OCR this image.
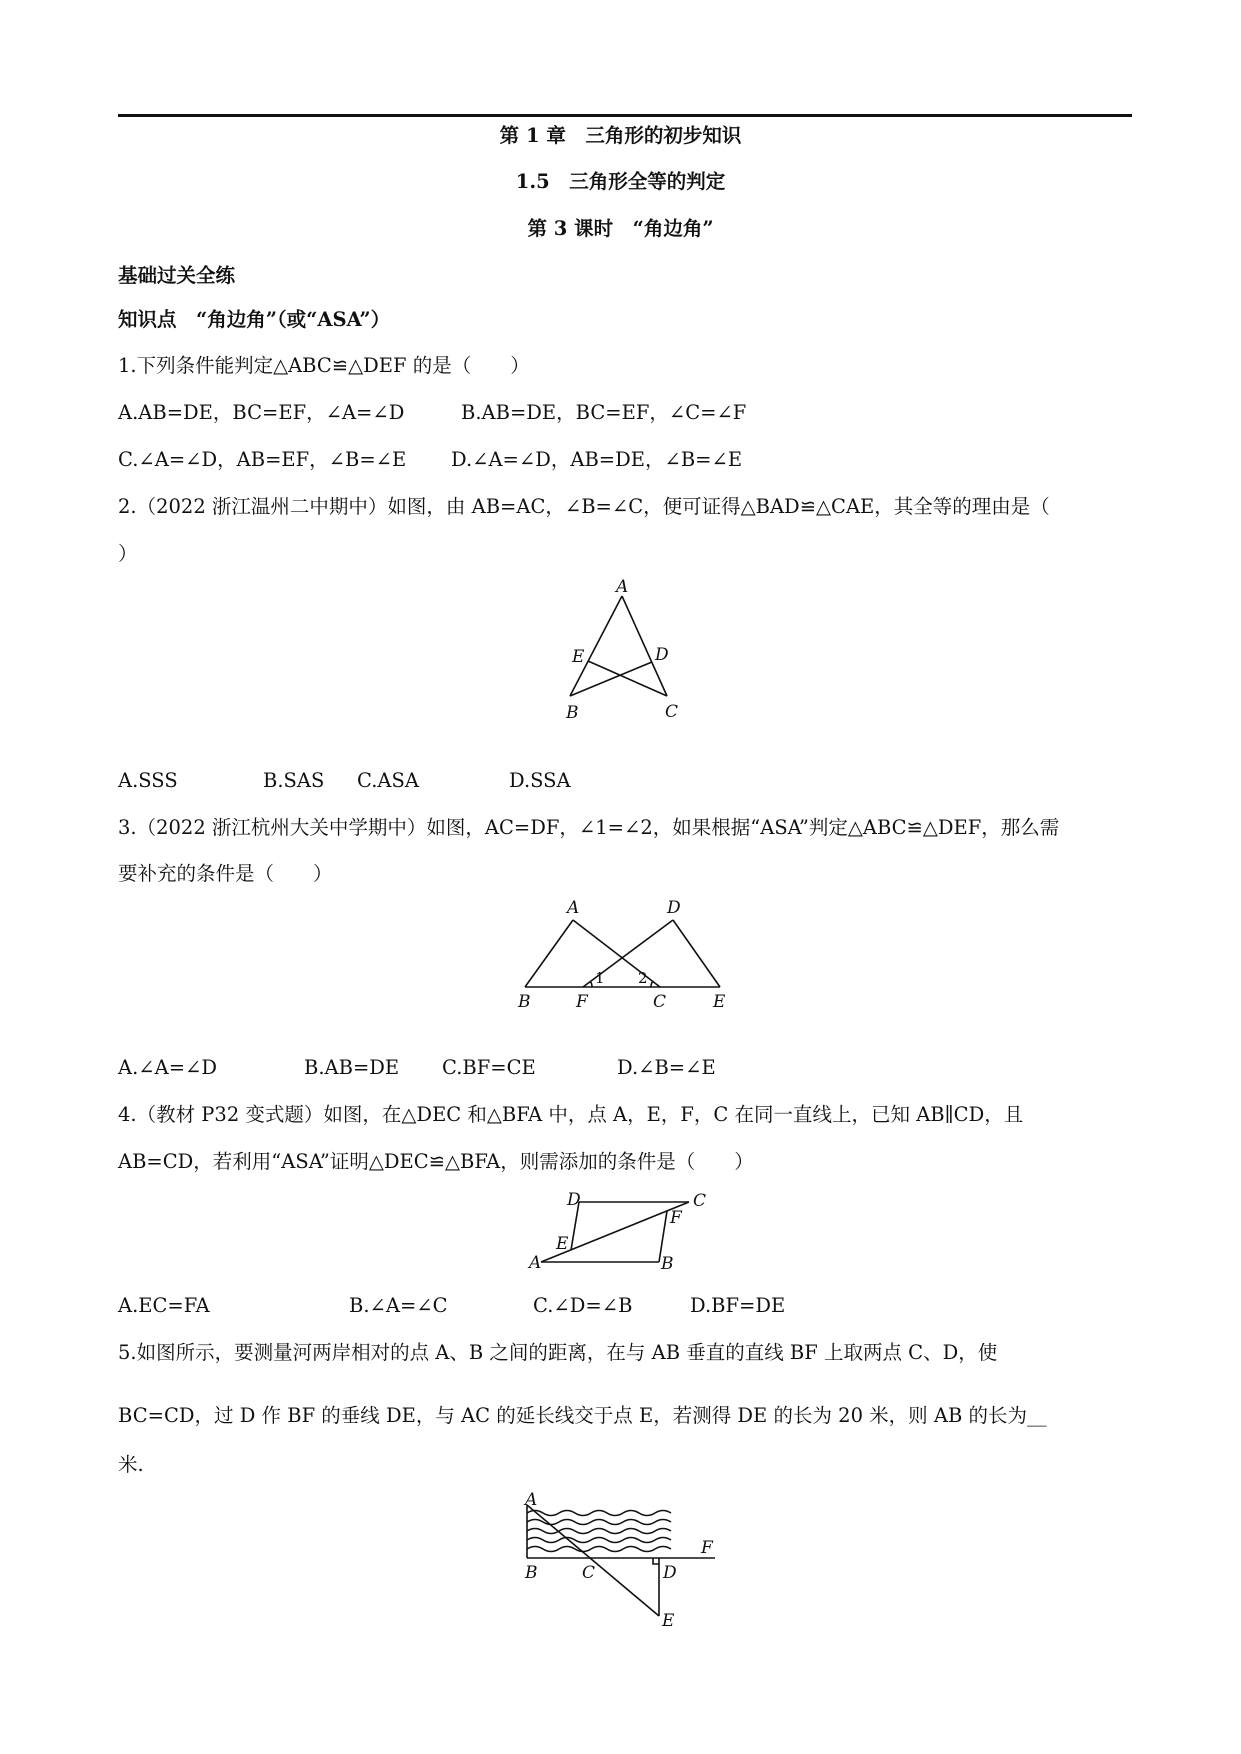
第 1 章　三角形的初步知识
1.5　三角形全等的判定
第 3 课时　“角边角”
基础过关全练
知识点　“角边角”（或“ASA”）
1.下列条件能判定△ABC≌△DEF 的是（　　）
A.AB=DE，BC=EF，∠A=∠D	B.AB=DE，BC=EF，∠C=∠F
C.∠A=∠D，AB=EF，∠B=∠E D.∠A=∠D，AB=DE，∠B=∠E
2.（2022 浙江温州二中期中）如图，由 AB=AC，∠B=∠C，便可证得△BAD≌△CAE，其全等的理由是（
）
A
B	C
D
E
A.SSS	B.SAS C.ASA	D.SSA
3.（2022 浙江杭州大关中学期中）如图，AC=DF，∠1=∠2，如果根据“ASA”判定△ABC≌△DEF，那么需
要补充的条件是（　　）
A
B	C
D
E
F
1 2
A.∠A=∠D	B.AB=DE C.BF=CE	D.∠B=∠E
4.（教材 P32 变式题）如图，在△DEC 和△BFA 中，点 A，E，F，C 在同一直线上，已知 AB∥CD，且
AB=CD，若利用“ASA”证明△DEC≌△BFA，则需添加的条件是（　　）
D	C
F
E
A	B
A.EC=FA	B.∠A=∠C	C.∠D=∠B	D.BF=DE
5.如图所示，要测量河两岸相对的点 A、B 之间的距离，在与 AB 垂直的直线 BF 上取两点 C、D，使
BC=CD，过 D 作 BF 的垂线 DE，与 AC 的延长线交于点 E，若测得 DE 的长为 20 米，则 AB 的长为__
米.
A
B	C	D
E
F
